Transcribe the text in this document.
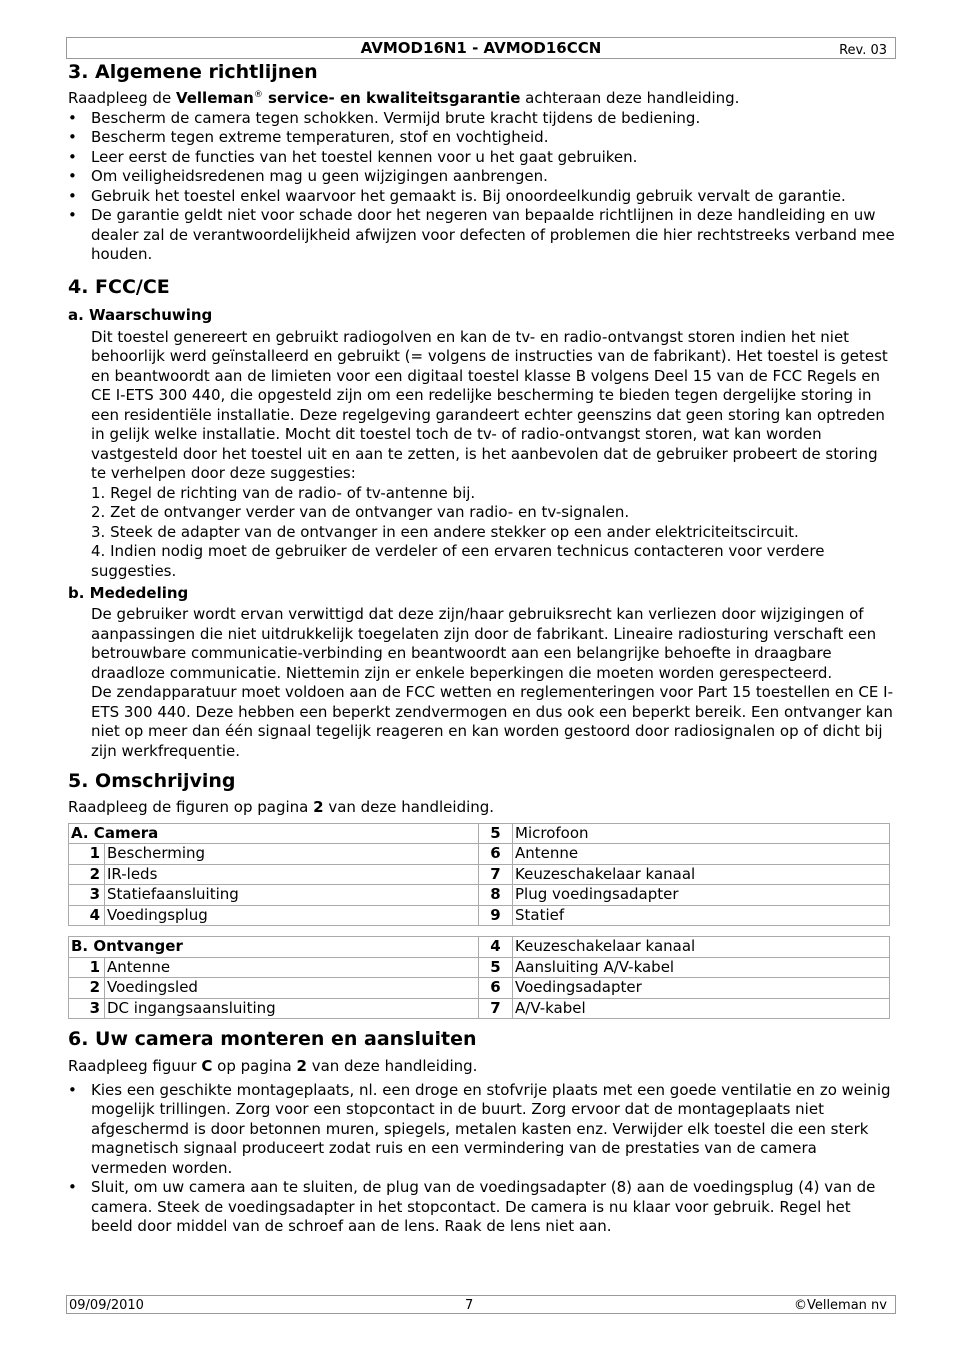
AVMOD16N1 - AVMOD16CCN	Rev. 03
3. Algemene richtlijnen

Raadpleeg de Velleman® service- en kwaliteitsgarantie achteraan deze handleiding.

• Bescherm de camera tegen schokken. Vermijd brute kracht tijdens de bediening.
• Bescherm tegen extreme temperaturen, stof en vochtigheid.
• Leer eerst de functies van het toestel kennen voor u het gaat gebruiken.
• Om veiligheidsredenen mag u geen wijzigingen aanbrengen.
• Gebruik het toestel enkel waarvoor het gemaakt is. Bij onoordeelkundig gebruik vervalt de garantie.
• De garantie geldt niet voor schade door het negeren van bepaalde richtlijnen in deze handleiding en uw dealer zal de verantwoordelijkheid afwijzen voor defecten of problemen die hier rechtstreeks verband mee houden.
4. FCC/CE
a. Waarschuwing

Dit toestel genereert en gebruikt radiogolven en kan de tv- en radio-ontvangst storen indien het niet behoorlijk werd geïnstalleerd en gebruikt (= volgens de instructies van de fabrikant). Het toestel is getest en beantwoordt aan de limieten voor een digitaal toestel klasse B volgens Deel 15 van de FCC Regels en CE I-ETS 300 440, die opgesteld zijn om een redelijke bescherming te bieden tegen dergelijke storing in een residentiële installatie. Deze regelgeving garandeert echter geenszins dat geen storing kan optreden in gelijk welke installatie. Mocht dit toestel toch de tv- of radio-ontvangst storen, wat kan worden vastgesteld door het toestel uit en aan te zetten, is het aanbevolen dat de gebruiker probeert de storing te verhelpen door deze suggesties:

1. Regel de richting van de radio- of tv-antenne bij.

2. Zet de ontvanger verder van de ontvanger van radio- en tv-signalen.

3. Steek de adapter van de ontvanger in een andere stekker op een ander elektriciteitscircuit.

4. Indien nodig moet de gebruiker de verdeler of een ervaren technicus contacteren voor verdere suggesties.

b. Mededeling

De gebruiker wordt ervan verwittigd dat deze zijn/haar gebruiksrecht kan verliezen door wijzigingen of aanpassingen die niet uitdrukkelijk toegelaten zijn door de fabrikant. Lineaire radiosturing verschaft een betrouwbare communicatie-verbinding en beantwoordt aan een belangrijke behoefte in draagbare draadloze communicatie. Niettemin zijn er enkele beperkingen die moeten worden gerespecteerd.

De zendapparatuur moet voldoen aan de FCC wetten en reglementeringen voor Part 15 toestellen en CE I-ETS 300 440. Deze hebben een beperkt zendvermogen en dus ook een beperkt bereik. Een ontvanger kan niet op meer dan één signaal tegelijk reageren en kan worden gestoord door radiosignalen op of dicht bij zijn werkfrequentie.

5. Omschrijving

Raadpleeg de figuren op pagina 2 van deze handleiding.

A. Camera		5	Microfoon
1	Bescherming	6	Antenne
2	IR-leds	7	Keuzeschakelaar kanaal
3	Statiefaansluiting	8	Plug voedingsadapter
4	Voedingsplug	9	Statief
B. Ontvanger		4	Keuzeschakelaar kanaal
1	Antenne	5	Aansluiting A/V-kabel
2	Voedingsled	6	Voedingsadapter
3	DC ingangsaansluiting	7	A/V-kabel
6. Uw camera monteren en aansluiten

Raadpleeg figuur C op pagina 2 van deze handleiding.

• Kies een geschikte montageplaats, nl. een droge en stofvrije plaats met een goede ventilatie en zo weinig mogelijk trillingen. Zorg voor een stopcontact in de buurt. Zorg ervoor dat de montageplaats niet afgeschermd is door betonnen muren, spiegels, metalen kasten enz. Verwijder elk toestel die een sterk magnetisch signaal produceert zodat ruis en een vermindering van de prestaties van de camera vermeden worden.
• Sluit, om uw camera aan te sluiten, de plug van de voedingsadapter (8) aan de voedingsplug (4) van de camera. Steek de voedingsadapter in het stopcontact. De camera is nu klaar voor gebruik. Regel het beeld door middel van de schroef aan de lens. Raak de lens niet aan.
09/09/2010	7	©Velleman nv
